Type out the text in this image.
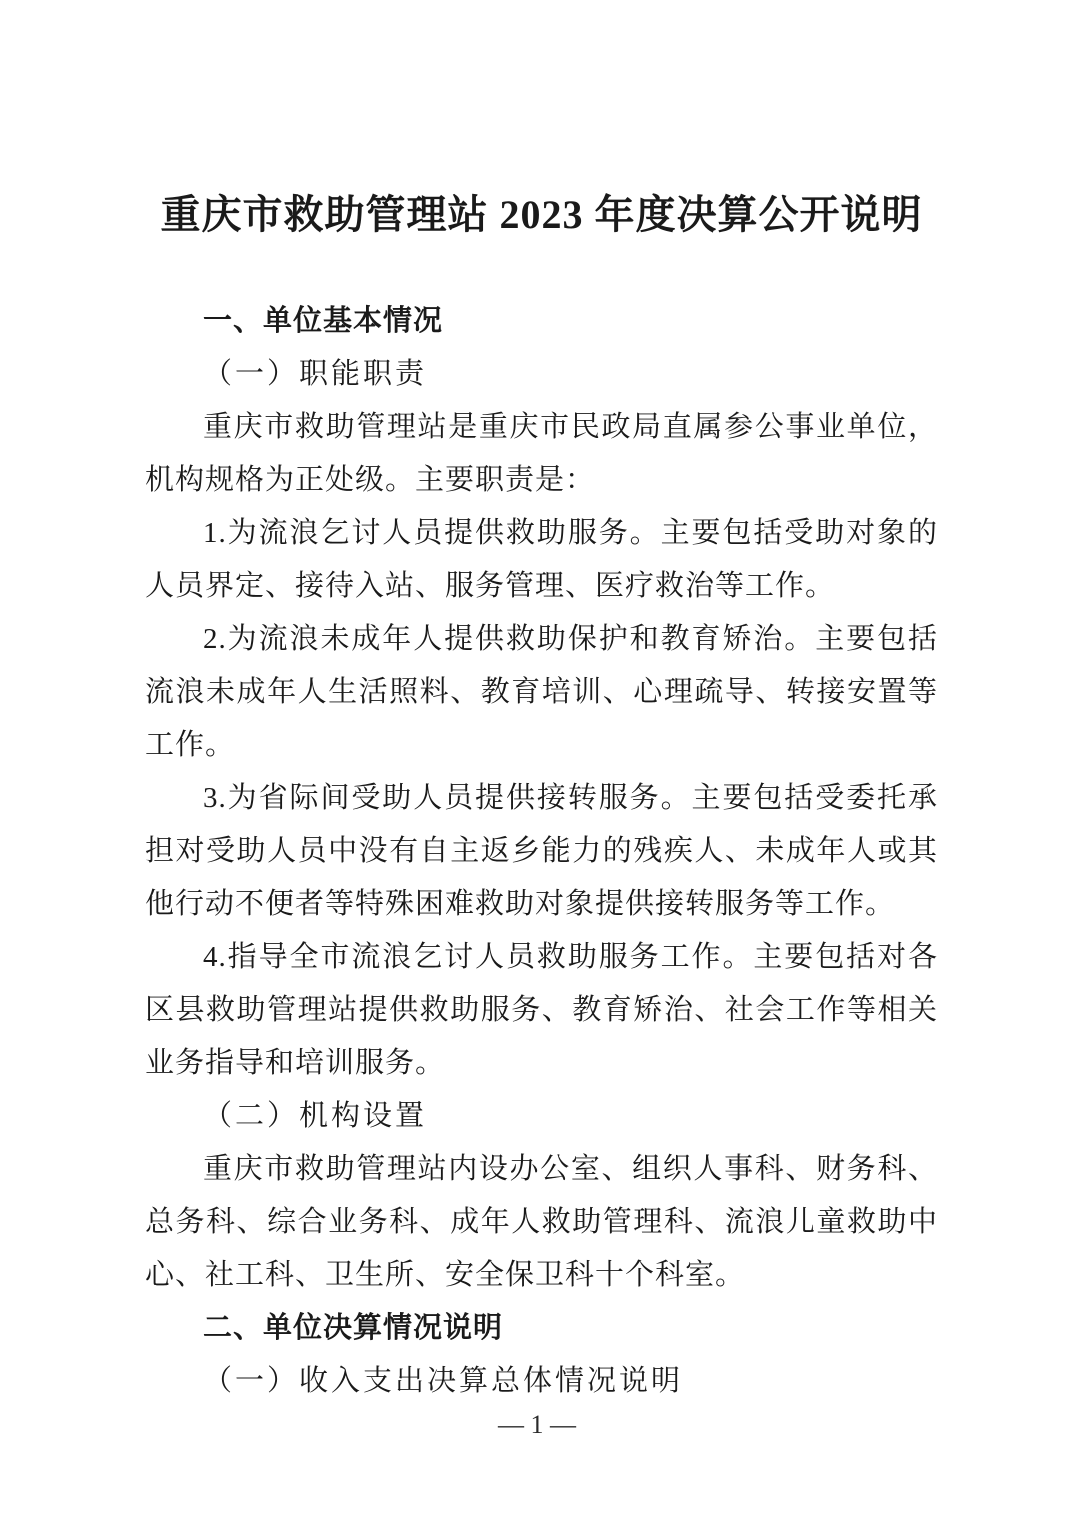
重庆市救助管理站 2023 年度决算公开说明

一、单位基本情况

（一）职能职责

重庆市救助管理站是重庆市民政局直属参公事业单位，机构规格为正处级。主要职责是：

1.为流浪乞讨人员提供救助服务。主要包括受助对象的人员界定、接待入站、服务管理、医疗救治等工作。

2.为流浪未成年人提供救助保护和教育矫治。主要包括流浪未成年人生活照料、教育培训、心理疏导、转接安置等工作。

3.为省际间受助人员提供接转服务。主要包括受委托承担对受助人员中没有自主返乡能力的残疾人、未成年人或其他行动不便者等特殊困难救助对象提供接转服务等工作。

4.指导全市流浪乞讨人员救助服务工作。主要包括对各区县救助管理站提供救助服务、教育矫治、社会工作等相关业务指导和培训服务。

（二）机构设置

重庆市救助管理站内设办公室、组织人事科、财务科、总务科、综合业务科、成年人救助管理科、流浪儿童救助中心、社工科、卫生所、安全保卫科十个科室。

二、单位决算情况说明

（一）收入支出决算总体情况说明

— 1 —
